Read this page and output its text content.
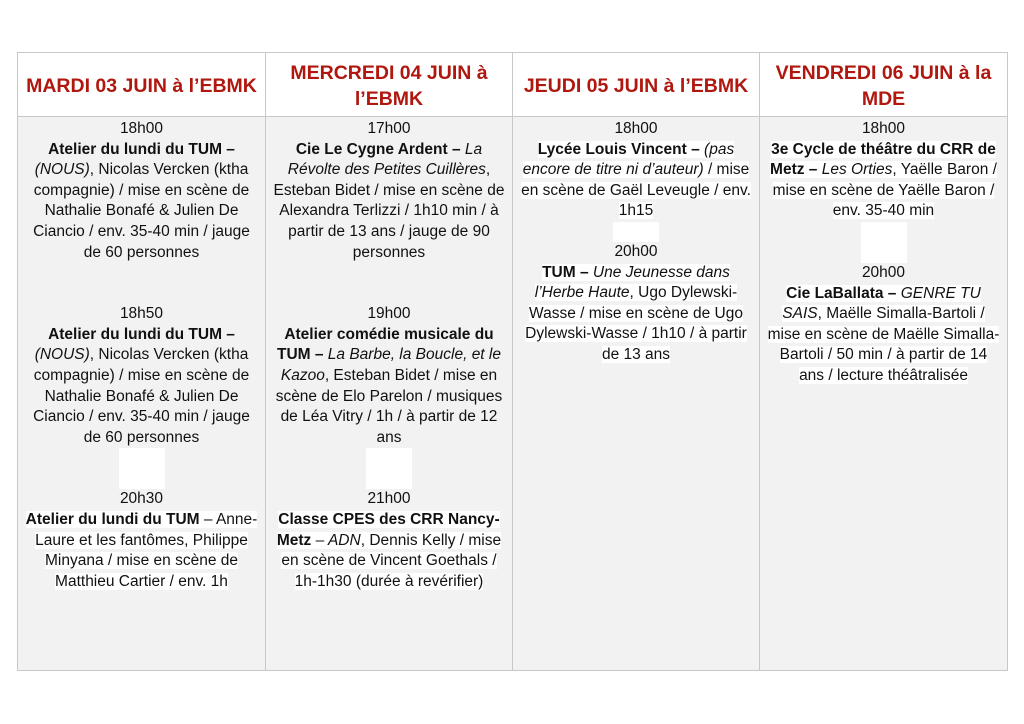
MARDI 03 JUIN à l’EBMK	MERCREDI 04 JUIN à l’EBMK	JEUDI 05 JUIN à l’EBMK	VENDREDI 06 JUIN à la MDE

18h00
Atelier du lundi du TUM – (NOUS), Nicolas Vercken (ktha compagnie) / mise en scène de Nathalie Bonafé & Julien De Ciancio / env. 35-40 min / jauge de 60 personnes
18h50
Atelier du lundi du TUM – (NOUS), Nicolas Vercken (ktha compagnie) / mise en scène de Nathalie Bonafé & Julien De Ciancio / env. 35-40 min / jauge de 60 personnes
20h30
Atelier du lundi du TUM – Anne-Laure et les fantômes, Philippe Minyana / mise en scène de Matthieu Cartier / env. 1h

17h00
Cie Le Cygne Ardent – La Révolte des Petites Cuillères, Esteban Bidet / mise en scène de Alexandra Terlizzi / 1h10 min / à partir de 13 ans / jauge de 90 personnes
19h00
Atelier comédie musicale du TUM – La Barbe, la Boucle, et le Kazoo, Esteban Bidet / mise en scène de Elo Parelon / musiques de Léa Vitry / 1h / à partir de 12 ans
21h00
Classe CPES des CRR Nancy-Metz – ADN, Dennis Kelly / mise en scène de Vincent Goethals / 1h-1h30 (durée à revérifier)

18h00
Lycée Louis Vincent – (pas encore de titre ni d’auteur) / mise en scène de Gaël Leveugle / env. 1h15
20h00
TUM – Une Jeunesse dans l’Herbe Haute, Ugo Dylewski-Wasse / mise en scène de Ugo Dylewski-Wasse / 1h10 / à partir de 13 ans

18h00
3e Cycle de théâtre du CRR de Metz – Les Orties, Yaëlle Baron / mise en scène de Yaëlle Baron / env. 35-40 min
20h00
Cie LaBallata – GENRE TU SAIS, Maëlle Simalla-Bartoli / mise en scène de Maëlle Simalla- Bartoli / 50 min / à partir de 14 ans / lecture théâtralisée
